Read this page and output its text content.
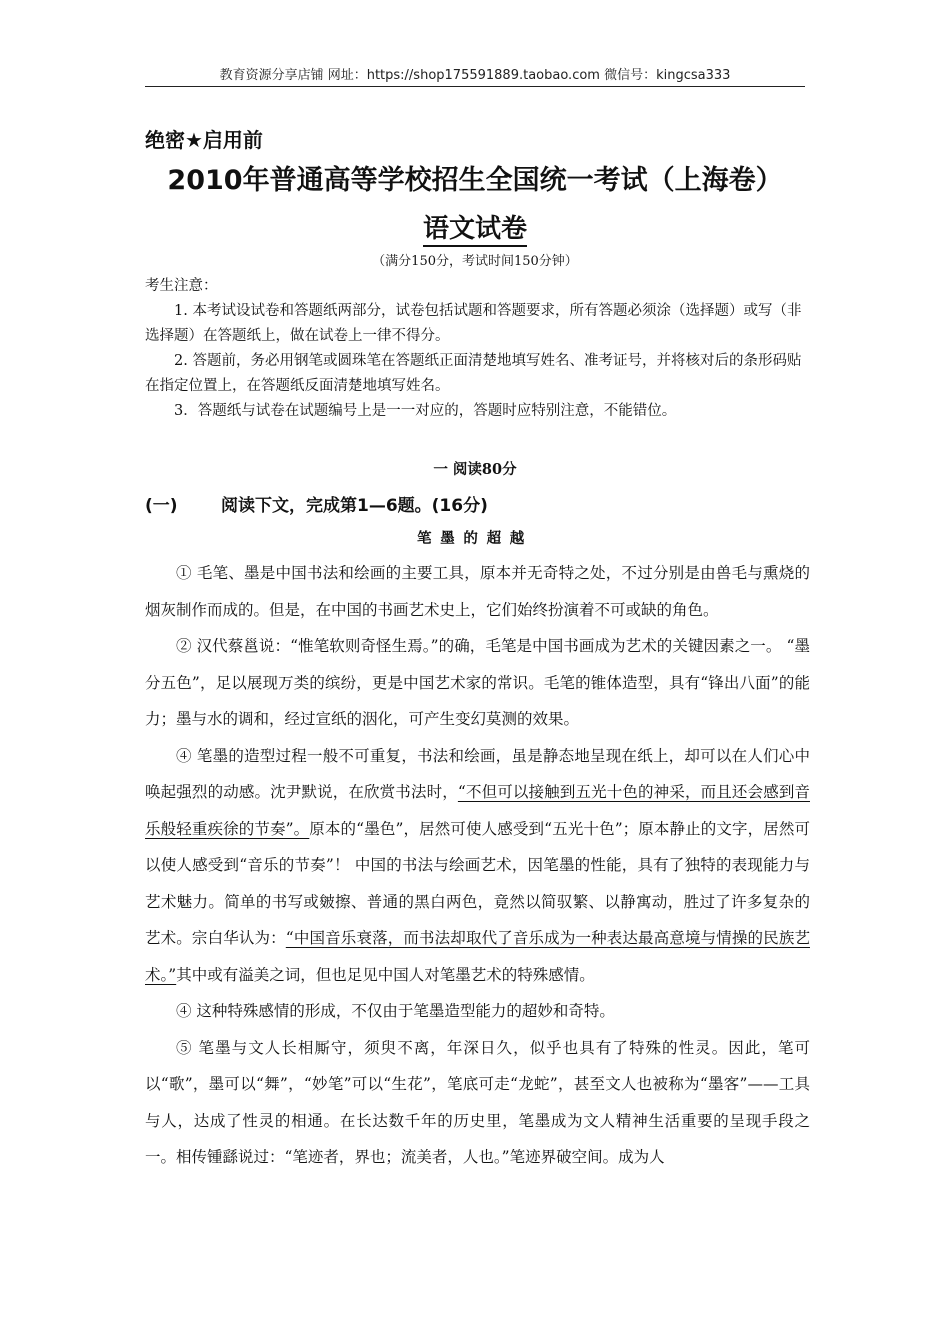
教育资源分享店铺 网址：https://shop175591889.taobao.com 微信号：kingcsa333
绝密★启用前
2010年普通高等学校招生全国统一考试（上海卷）
语文试卷
（满分150分，考试时间150分钟）

考生注意：

1. 本考试设试卷和答题纸两部分，试卷包括试题和答题要求，所有答题必须涂（选择题）或写（非选择题）在答题纸上，做在试卷上一律不得分。

2. 答题前，务必用钢笔或圆珠笔在答题纸正面清楚地填写姓名、准考证号，并将核对后的条形码贴在指定位置上，在答题纸反面清楚地填写姓名。

3．答题纸与试卷在试题编号上是一一对应的，答题时应特别注意，不能错位。

一 阅读80分
(一)	阅读下文，完成第1—6题。(16分)
笔墨的超越

① 毛笔、墨是中国书法和绘画的主要工具，原本并无奇特之处，不过分别是由兽毛与熏烧的烟灰制作而成的。但是，在中国的书画艺术史上，它们始终扮演着不可或缺的角色。

② 汉代蔡邕说：“惟笔软则奇怪生焉。”的确，毛笔是中国书画成为艺术的关键因素之一。 “墨分五色”，足以展现万类的缤纷，更是中国艺术家的常识。毛笔的锥体造型，具有“锋出八面”的能力；墨与水的调和，经过宣纸的洇化，可产生变幻莫测的效果。

④ 笔墨的造型过程一般不可重复，书法和绘画，虽是静态地呈现在纸上，却可以在人们心中唤起强烈的动感。沈尹默说，在欣赏书法时，“不但可以接触到五光十色的神采，而且还会感到音乐般轻重疾徐的节奏”。原本的“墨色”，居然可使人感受到“五光十色”；原本静止的文字，居然可以使人感受到“音乐的节奏”！ 中国的书法与绘画艺术，因笔墨的性能，具有了独特的表现能力与艺术魅力。简单的书写或皴擦、普通的黑白两色，竟然以简驭繁、以静寓动，胜过了许多复杂的艺术。宗白华认为：“中国音乐衰落，而书法却取代了音乐成为一种表达最高意境与情操的民族艺术。”其中或有溢美之词，但也足见中国人对笔墨艺术的特殊感情。

④ 这种特殊感情的形成，不仅由于笔墨造型能力的超妙和奇特。

⑤ 笔墨与文人长相厮守，须臾不离，年深日久，似乎也具有了特殊的性灵。因此，笔可以“歌”，墨可以“舞”，“妙笔”可以“生花”，笔底可走“龙蛇”，甚至文人也被称为“墨客”——工具与人，达成了性灵的相通。在长达数千年的历史里，笔墨成为文人精神生活重要的呈现手段之一。相传锺繇说过：“笔迹者，界也；流美者，人也。”笔迹界破空间。成为人
